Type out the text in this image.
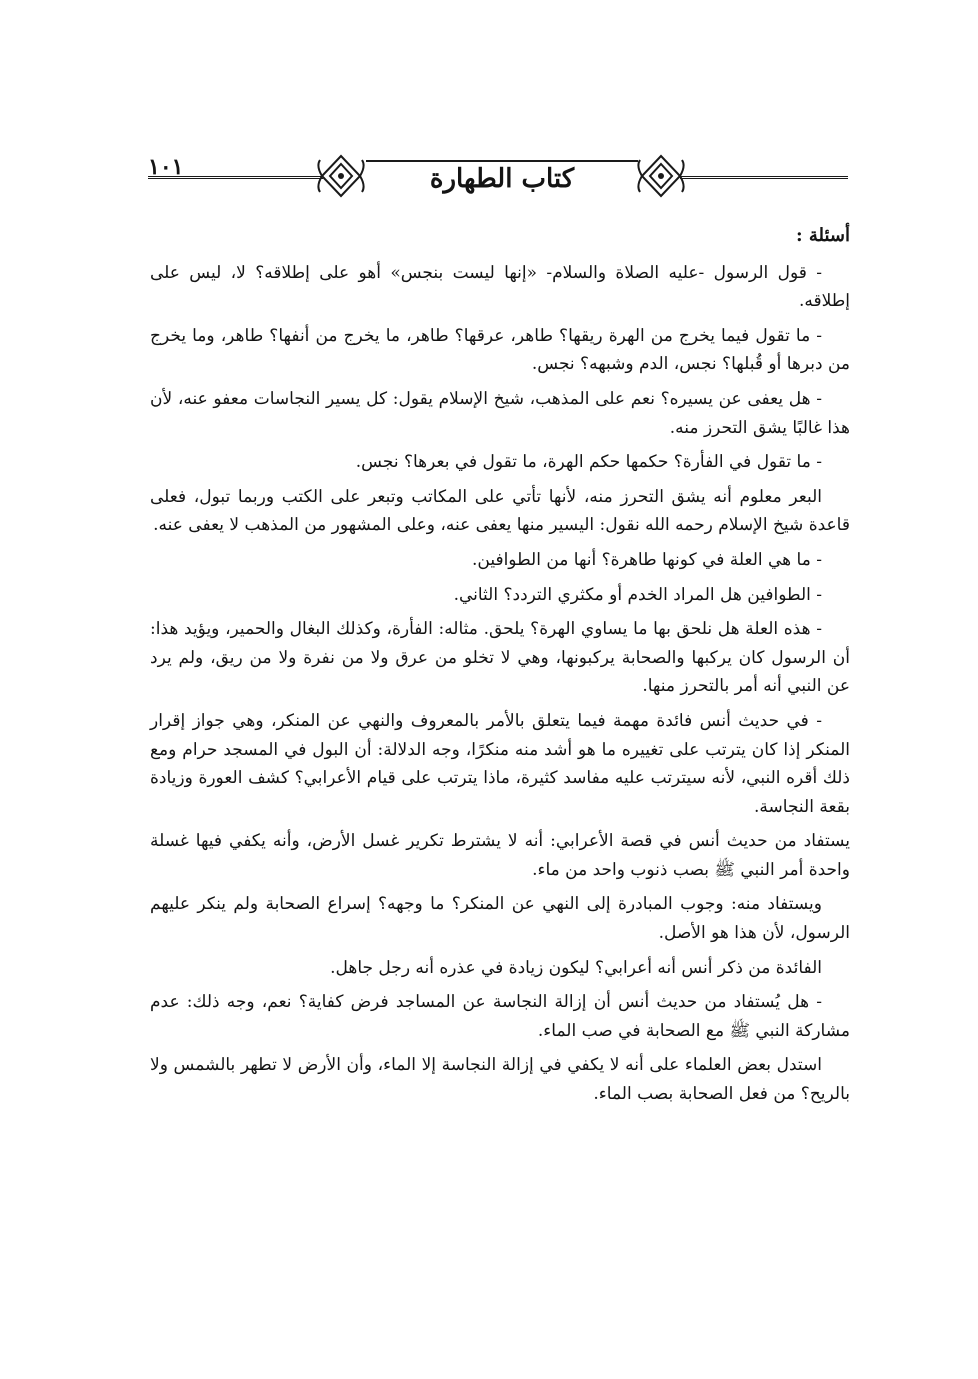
١٠١	كتاب الطهارة
أسئلة :

- قول الرسول -عليه الصلاة والسلام- «إنها ليست بنجس» أهو على إطلاقه؟ لا، ليس على إطلاقه.

- ما تقول فيما يخرج من الهرة ريقها؟ طاهر، عرقها؟ طاهر، ما يخرج من أنفها؟ طاهر، وما يخرج من دبرها أو قُبلها؟ نجس، الدم وشبهه؟ نجس.

- هل يعفى عن يسيره؟ نعم على المذهب، شيخ الإسلام يقول: كل يسير النجاسات معفو عنه، لأن هذا غالبًا يشق التحرز منه.

- ما تقول في الفأرة؟ حكمها حكم الهرة، ما تقول في بعرها؟ نجس.

البعر معلوم أنه يشق التحرز منه، لأنها تأتي على المكاتب وتبعر على الكتب وربما تبول، فعلى قاعدة شيخ الإسلام رحمه الله نقول: اليسير منها يعفى عنه، وعلى المشهور من المذهب لا يعفى عنه.

- ما هي العلة في كونها طاهرة؟ أنها من الطوافين.

- الطوافين هل المراد الخدم أو مكثري التردد؟ الثاني.

- هذه العلة هل نلحق بها ما يساوي الهرة؟ يلحق. مثاله: الفأرة، وكذلك البغال والحمير، ويؤيد هذا: أن الرسول كان يركبها والصحابة يركبونها، وهي لا تخلو من عرق ولا من نفرة ولا من ريق، ولم يرد عن النبي أنه أمر بالتحرز منها.

- في حديث أنس فائدة مهمة فيما يتعلق بالأمر بالمعروف والنهي عن المنكر، وهي جواز إقرار المنكر إذا كان يترتب على تغييره ما هو أشد منه منكرًا، وجه الدلالة: أن البول في المسجد حرام ومع ذلك أقره النبي، لأنه سيترتب عليه مفاسد كثيرة، ماذا يترتب على قيام الأعرابي؟ كشف العورة وزيادة بقعة النجاسة.

يستفاد من حديث أنس في قصة الأعرابي: أنه لا يشترط تكرير غسل الأرض، وأنه يكفي فيها غسلة واحدة أمر النبي ﷺ بصب ذنوب واحد من ماء.

ويستفاد منه: وجوب المبادرة إلى النهي عن المنكر؟ ما وجهه؟ إسراع الصحابة ولم ينكر عليهم الرسول، لأن هذا هو الأصل.

الفائدة من ذكر أنس أنه أعرابي؟ ليكون زيادة في عذره أنه رجل جاهل.

- هل يُستفاد من حديث أنس أن إزالة النجاسة عن المساجد فرض كفاية؟ نعم، وجه ذلك: عدم مشاركة النبي ﷺ مع الصحابة في صب الماء.

استدل بعض العلماء على أنه لا يكفي في إزالة النجاسة إلا الماء، وأن الأرض لا تطهر بالشمس ولا بالريح؟ من فعل الصحابة بصب الماء.
